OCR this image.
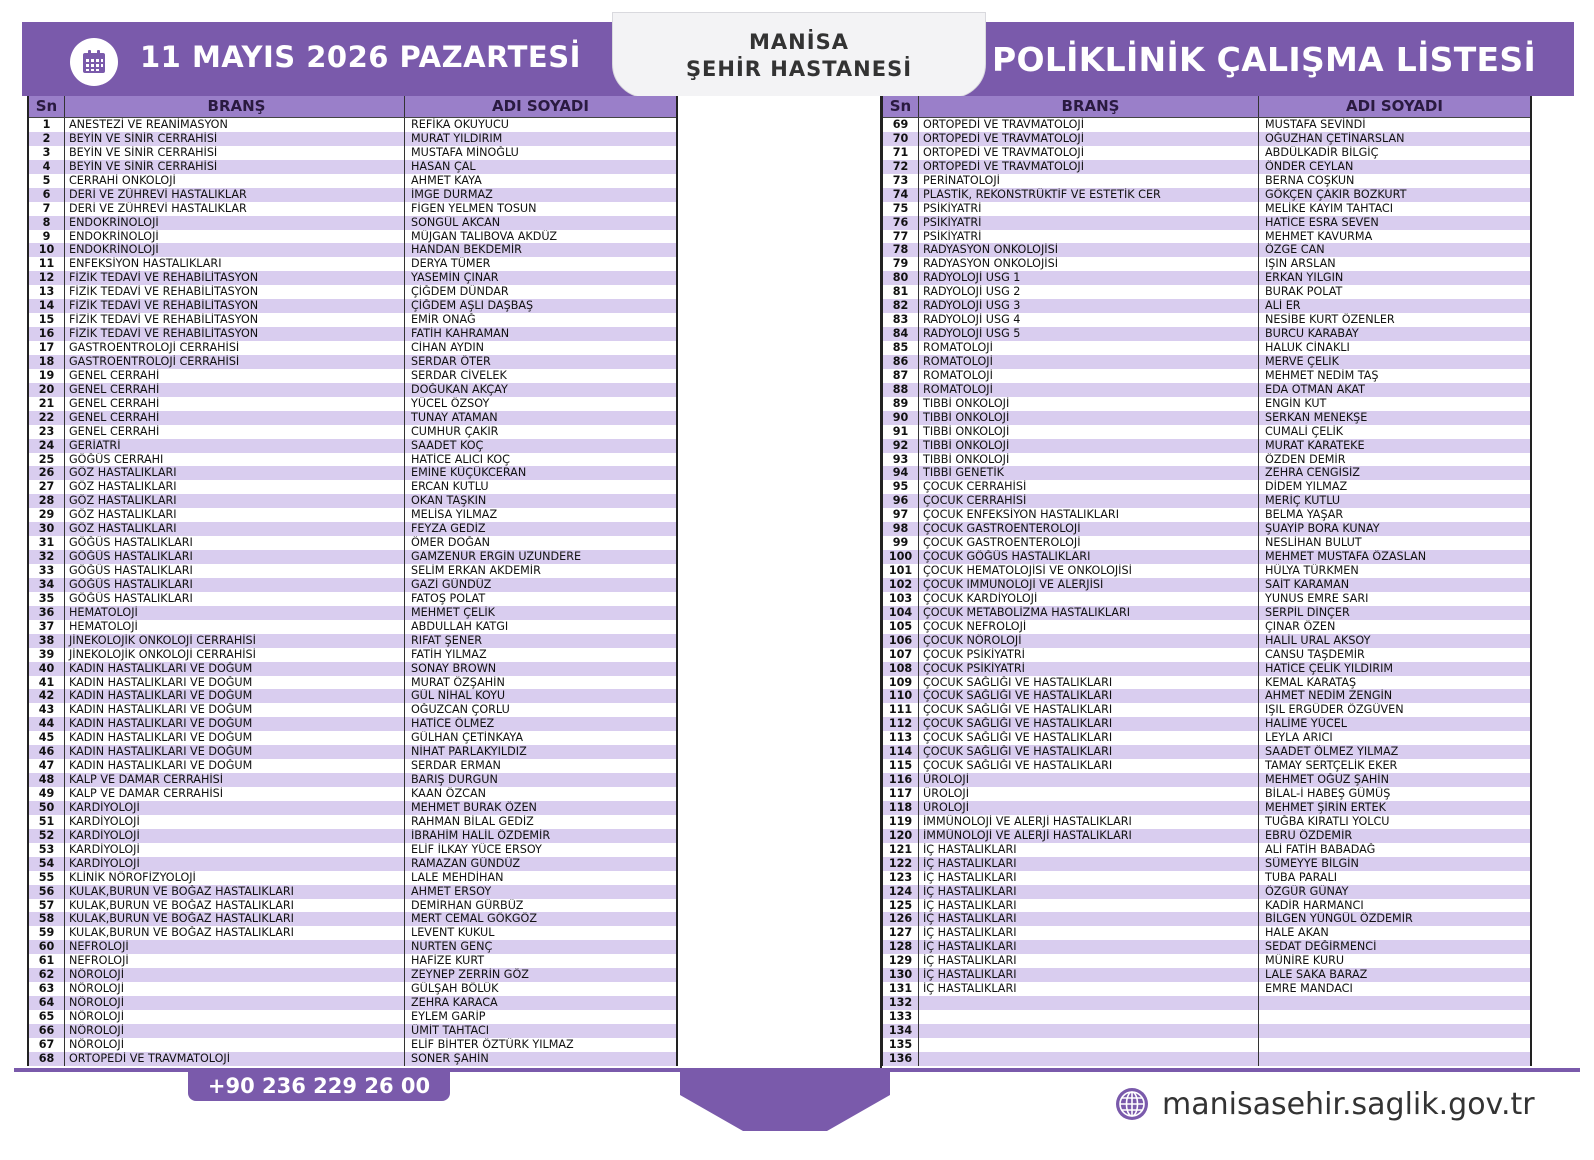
11 MAYIS 2026 PAZARTESİ	MANİSA
ŞEHİR HASTANESİ	POLİKLİNİK ÇALIŞMA LİSTESİ
Sn	BRANŞ	ADI SOYADI
1	ANESTEZİ VE REANİMASYON	REFİKA OKUYUCU
2	BEYİN VE SİNİR CERRAHİSİ	MURAT YILDIRIM
3	BEYİN VE SİNİR CERRAHİSİ	MUSTAFA MİNOĞLU
4	BEYİN VE SİNİR CERRAHİSİ	HASAN ÇAL
5	CERRAHİ ONKOLOJİ	AHMET KAYA
6	DERİ VE ZÜHREVİ HASTALIKLAR	İMGE DURMAZ
7	DERİ VE ZÜHREVİ HASTALIKLAR	FİGEN YELMEN TOSUN
8	ENDOKRİNOLOJİ	SONGÜL AKCAN
9	ENDOKRİNOLOJİ	MÜJGAN TALIBOVA AKDÜZ
10	ENDOKRİNOLOJİ	HANDAN BEKDEMİR
11	ENFEKSİYON HASTALIKLARI	DERYA TÜMER
12	FİZİK TEDAVİ VE REHABİLİTASYON	YASEMİN ÇINAR
13	FİZİK TEDAVİ VE REHABİLİTASYON	ÇİĞDEM DÜNDAR
14	FİZİK TEDAVİ VE REHABİLİTASYON	ÇİĞDEM AŞLI DAŞBAŞ
15	FİZİK TEDAVİ VE REHABİLİTASYON	EMİR ONAĞ
16	FİZİK TEDAVİ VE REHABİLİTASYON	FATİH KAHRAMAN
17	GASTROENTROLOJİ CERRAHİSİ	CİHAN AYDIN
18	GASTROENTROLOJİ CERRAHİSİ	SERDAR ÖTER
19	GENEL CERRAHİ	SERDAR CİVELEK
20	GENEL CERRAHİ	DOĞUKAN AKÇAY
21	GENEL CERRAHİ	YÜCEL ÖZSOY
22	GENEL CERRAHİ	TUNAY ATAMAN
23	GENEL CERRAHİ	CUMHUR ÇAKIR
24	GERİATRİ	SAADET KOÇ
25	GÖĞÜS CERRAHI	HATİCE ALICI KOÇ
26	GÖZ HASTALIKLARI	EMİNE KÜÇÜKCERAN
27	GÖZ HASTALIKLARI	ERCAN KUTLU
28	GÖZ HASTALIKLARI	OKAN TAŞKIN
29	GÖZ HASTALIKLARI	MELİSA YILMAZ
30	GÖZ HASTALIKLARI	FEYZA GEDİZ
31	GÖĞÜS HASTALIKLARI	ÖMER DOĞAN
32	GÖĞÜS HASTALIKLARI	GAMZENUR ERGİN UZUNDERE
33	GÖĞÜS HASTALIKLARI	SELİM ERKAN AKDEMİR
34	GÖĞÜS HASTALIKLARI	GAZİ GÜNDÜZ
35	GÖĞÜS HASTALIKLARI	FATOŞ POLAT
36	HEMATOLOJİ	MEHMET ÇELİK
37	HEMATOLOJİ	ABDULLAH KATGI
38	JİNEKOLOJİK ONKOLOJİ CERRAHİSİ	RIFAT ŞENER
39	JİNEKOLOJİK ONKOLOJİ CERRAHİSİ	FATİH YILMAZ
40	KADIN HASTALIKLARI VE DOĞUM	SONAY BROWN
41	KADIN HASTALIKLARI VE DOĞUM	MURAT ÖZŞAHİN
42	KADIN HASTALIKLARI VE DOĞUM	GÜL NİHAL KOYU
43	KADIN HASTALIKLARI VE DOĞUM	OĞUZCAN ÇORLU
44	KADIN HASTALIKLARI VE DOĞUM	HATİCE ÖLMEZ
45	KADIN HASTALIKLARI VE DOĞUM	GÜLHAN ÇETİNKAYA
46	KADIN HASTALIKLARI VE DOĞUM	NİHAT PARLAKYILDIZ
47	KADIN HASTALIKLARI VE DOĞUM	SERDAR ERMAN
48	KALP VE DAMAR CERRAHİSİ	BARIŞ DURGUN
49	KALP VE DAMAR CERRAHİSİ	KAAN ÖZCAN
50	KARDİYOLOJİ	MEHMET BURAK ÖZEN
51	KARDİYOLOJİ	RAHMAN BİLAL GEDİZ
52	KARDİYOLOJİ	İBRAHİM HALİL ÖZDEMİR
53	KARDİYOLOJİ	ELİF İLKAY YÜCE ERSOY
54	KARDİYOLOJİ	RAMAZAN GÜNDÜZ
55	KLİNİK NÖROFİZYOLOJİ	LALE MEHDİHAN
56	KULAK,BURUN VE BOĞAZ HASTALIKLARI	AHMET ERSOY
57	KULAK,BURUN VE BOĞAZ HASTALIKLARI	DEMİRHAN GÜRBÜZ
58	KULAK,BURUN VE BOĞAZ HASTALIKLARI	MERT CEMAL GÖKGÖZ
59	KULAK,BURUN VE BOĞAZ HASTALIKLARI	LEVENT KUKUL
60	NEFROLOJİ	NURTEN GENÇ
61	NEFROLOJİ	HAFİZE KURT
62	NÖROLOJİ	ZEYNEP ZERRİN GÖZ
63	NÖROLOJİ	GÜLŞAH BÖLÜK
64	NÖROLOJİ	ZEHRA KARACA
65	NÖROLOJİ	EYLEM GARİP
66	NÖROLOJİ	ÜMİT TAHTACI
67	NÖROLOJİ	ELİF BİHTER ÖZTÜRK YILMAZ
68	ORTOPEDİ VE TRAVMATOLOJİ	SONER ŞAHİN
Sn	BRANŞ	ADI SOYADI
69	ORTOPEDİ VE TRAVMATOLOJİ	MUSTAFA SEVİNDİ
70	ORTOPEDİ VE TRAVMATOLOJİ	OĞUZHAN ÇETİNARSLAN
71	ORTOPEDİ VE TRAVMATOLOJİ	ABDÜLKADİR BİLGİÇ
72	ORTOPEDİ VE TRAVMATOLOJİ	ÖNDER CEYLAN
73	PERİNATOLOJİ	BERNA COŞKUN
74	PLASTİK, REKONSTRÜKTİF VE ESTETİK CER	GÖKÇEN ÇAKIR BOZKURT
75	PSİKİYATRİ	MELİKE KAYIM TAHTACI
76	PSİKİYATRİ	HATİCE ESRA SEVEN
77	PSİKİYATRİ	MEHMET KAVURMA
78	RADYASYON ONKOLOJİSİ	ÖZGE CAN
79	RADYASYON ONKOLOJİSİ	IŞIN ARSLAN
80	RADYOLOJİ USG 1	ERKAN YILGIN
81	RADYOLOJİ USG 2	BURAK POLAT
82	RADYOLOJİ USG 3	ALİ ER
83	RADYOLOJİ USG 4	NESİBE KURT ÖZENLER
84	RADYOLOJİ USG 5	BURCU KARABAY
85	ROMATOLOJİ	HALUK CİNAKLI
86	ROMATOLOJİ	MERVE ÇELİK
87	ROMATOLOJİ	MEHMET NEDİM TAŞ
88	ROMATOLOJİ	EDA OTMAN AKAT
89	TIBBİ ONKOLOJİ	ENGİN KUT
90	TIBBİ ONKOLOJİ	SERKAN MENEKŞE
91	TIBBİ ONKOLOJİ	CUMALİ ÇELİK
92	TIBBİ ONKOLOJİ	MURAT KARATEKE
93	TIBBİ ONKOLOJİ	ÖZDEN DEMİR
94	TIBBİ GENETİK	ZEHRA CENGİSİZ
95	ÇOCUK CERRAHİSİ	DİDEM YILMAZ
96	ÇOCUK CERRAHİSİ	MERİÇ KUTLU
97	ÇOCUK ENFEKSİYON HASTALIKLARI	BELMA YAŞAR
98	ÇOCUK GASTROENTEROLOJİ	ŞUAYİP BORA KUNAY
99	ÇOCUK GASTROENTEROLOJİ	NESLİHAN BULUT
100 ÇOCUK GÖĞÜS HASTALIKLARI	MEHMET MUSTAFA ÖZASLAN
101 ÇOCUK HEMATOLOJİSİ VE ONKOLOJİSİ	HÜLYA TÜRKMEN
102 ÇOCUK IMMUNOLOJİ VE ALERJİSİ	SAİT KARAMAN
103 ÇOCUK KARDİYOLOJİ	YUNUS EMRE SARI
104 ÇOCUK METABOLİZMA HASTALIKLARI	SERPİL DİNÇER
105 ÇOCUK NEFROLOJİ	ÇINAR ÖZEN
106 ÇOCUK NÖROLOJİ	HALİL URAL AKSOY
107 ÇOCUK PSİKİYATRİ	CANSU TAŞDEMİR
108 ÇOCUK PSİKİYATRİ	HATİCE ÇELİK YILDIRIM
109 ÇOCUK SAĞLIĞI VE HASTALIKLARI	KEMAL KARATAŞ
110 ÇOCUK SAĞLIĞI VE HASTALIKLARI	AHMET NEDİM ZENGİN
111 ÇOCUK SAĞLIĞI VE HASTALIKLARI	IŞIL ERGÜDER ÖZGÜVEN
112 ÇOCUK SAĞLIĞI VE HASTALIKLARI	HALİME YÜCEL
113 ÇOCUK SAĞLIĞI VE HASTALIKLARI	LEYLA ARICI
114 ÇOCUK SAĞLIĞI VE HASTALIKLARI	SAADET ÖLMEZ YILMAZ
115 ÇOCUK SAĞLIĞI VE HASTALIKLARI	TAMAY SERTÇELİK EKER
116 ÜROLOJİ	MEHMET OĞUZ ŞAHİN
117 ÜROLOJİ	BİLAL-İ HABEŞ GÜMÜŞ
118 ÜROLOJİ	MEHMET ŞİRİN ERTEK
119 İMMÜNOLOJİ VE ALERJİ HASTALIKLARI	TUĞBA KIRATLI YOLCU
120 İMMÜNOLOJİ VE ALERJİ HASTALIKLARI	EBRU ÖZDEMİR
121 İÇ HASTALIKLARI	ALİ FATİH BABADAĞ
122 İÇ HASTALIKLARI	SÜMEYYE BİLGİN
123 İÇ HASTALIKLARI	TUBA PARALI
124 İÇ HASTALIKLARI	ÖZGÜR GÜNAY
125 İÇ HASTALIKLARI	KADİR HARMANCI
126 İÇ HASTALIKLARI	BİLGEN YÜNGÜL ÖZDEMİR
127 İÇ HASTALIKLARI	HALE AKAN
128 İÇ HASTALIKLARI	SEDAT DEĞİRMENCİ
129 İÇ HASTALIKLARI	MÜNİRE KURU
130 İÇ HASTALIKLARI	LALE SAKA BARAZ
131 İÇ HASTALIKLARI	EMRE MANDACI
132
133
134
135
136
+90 236 229 26 00
manisasehir.saglik.gov.tr
